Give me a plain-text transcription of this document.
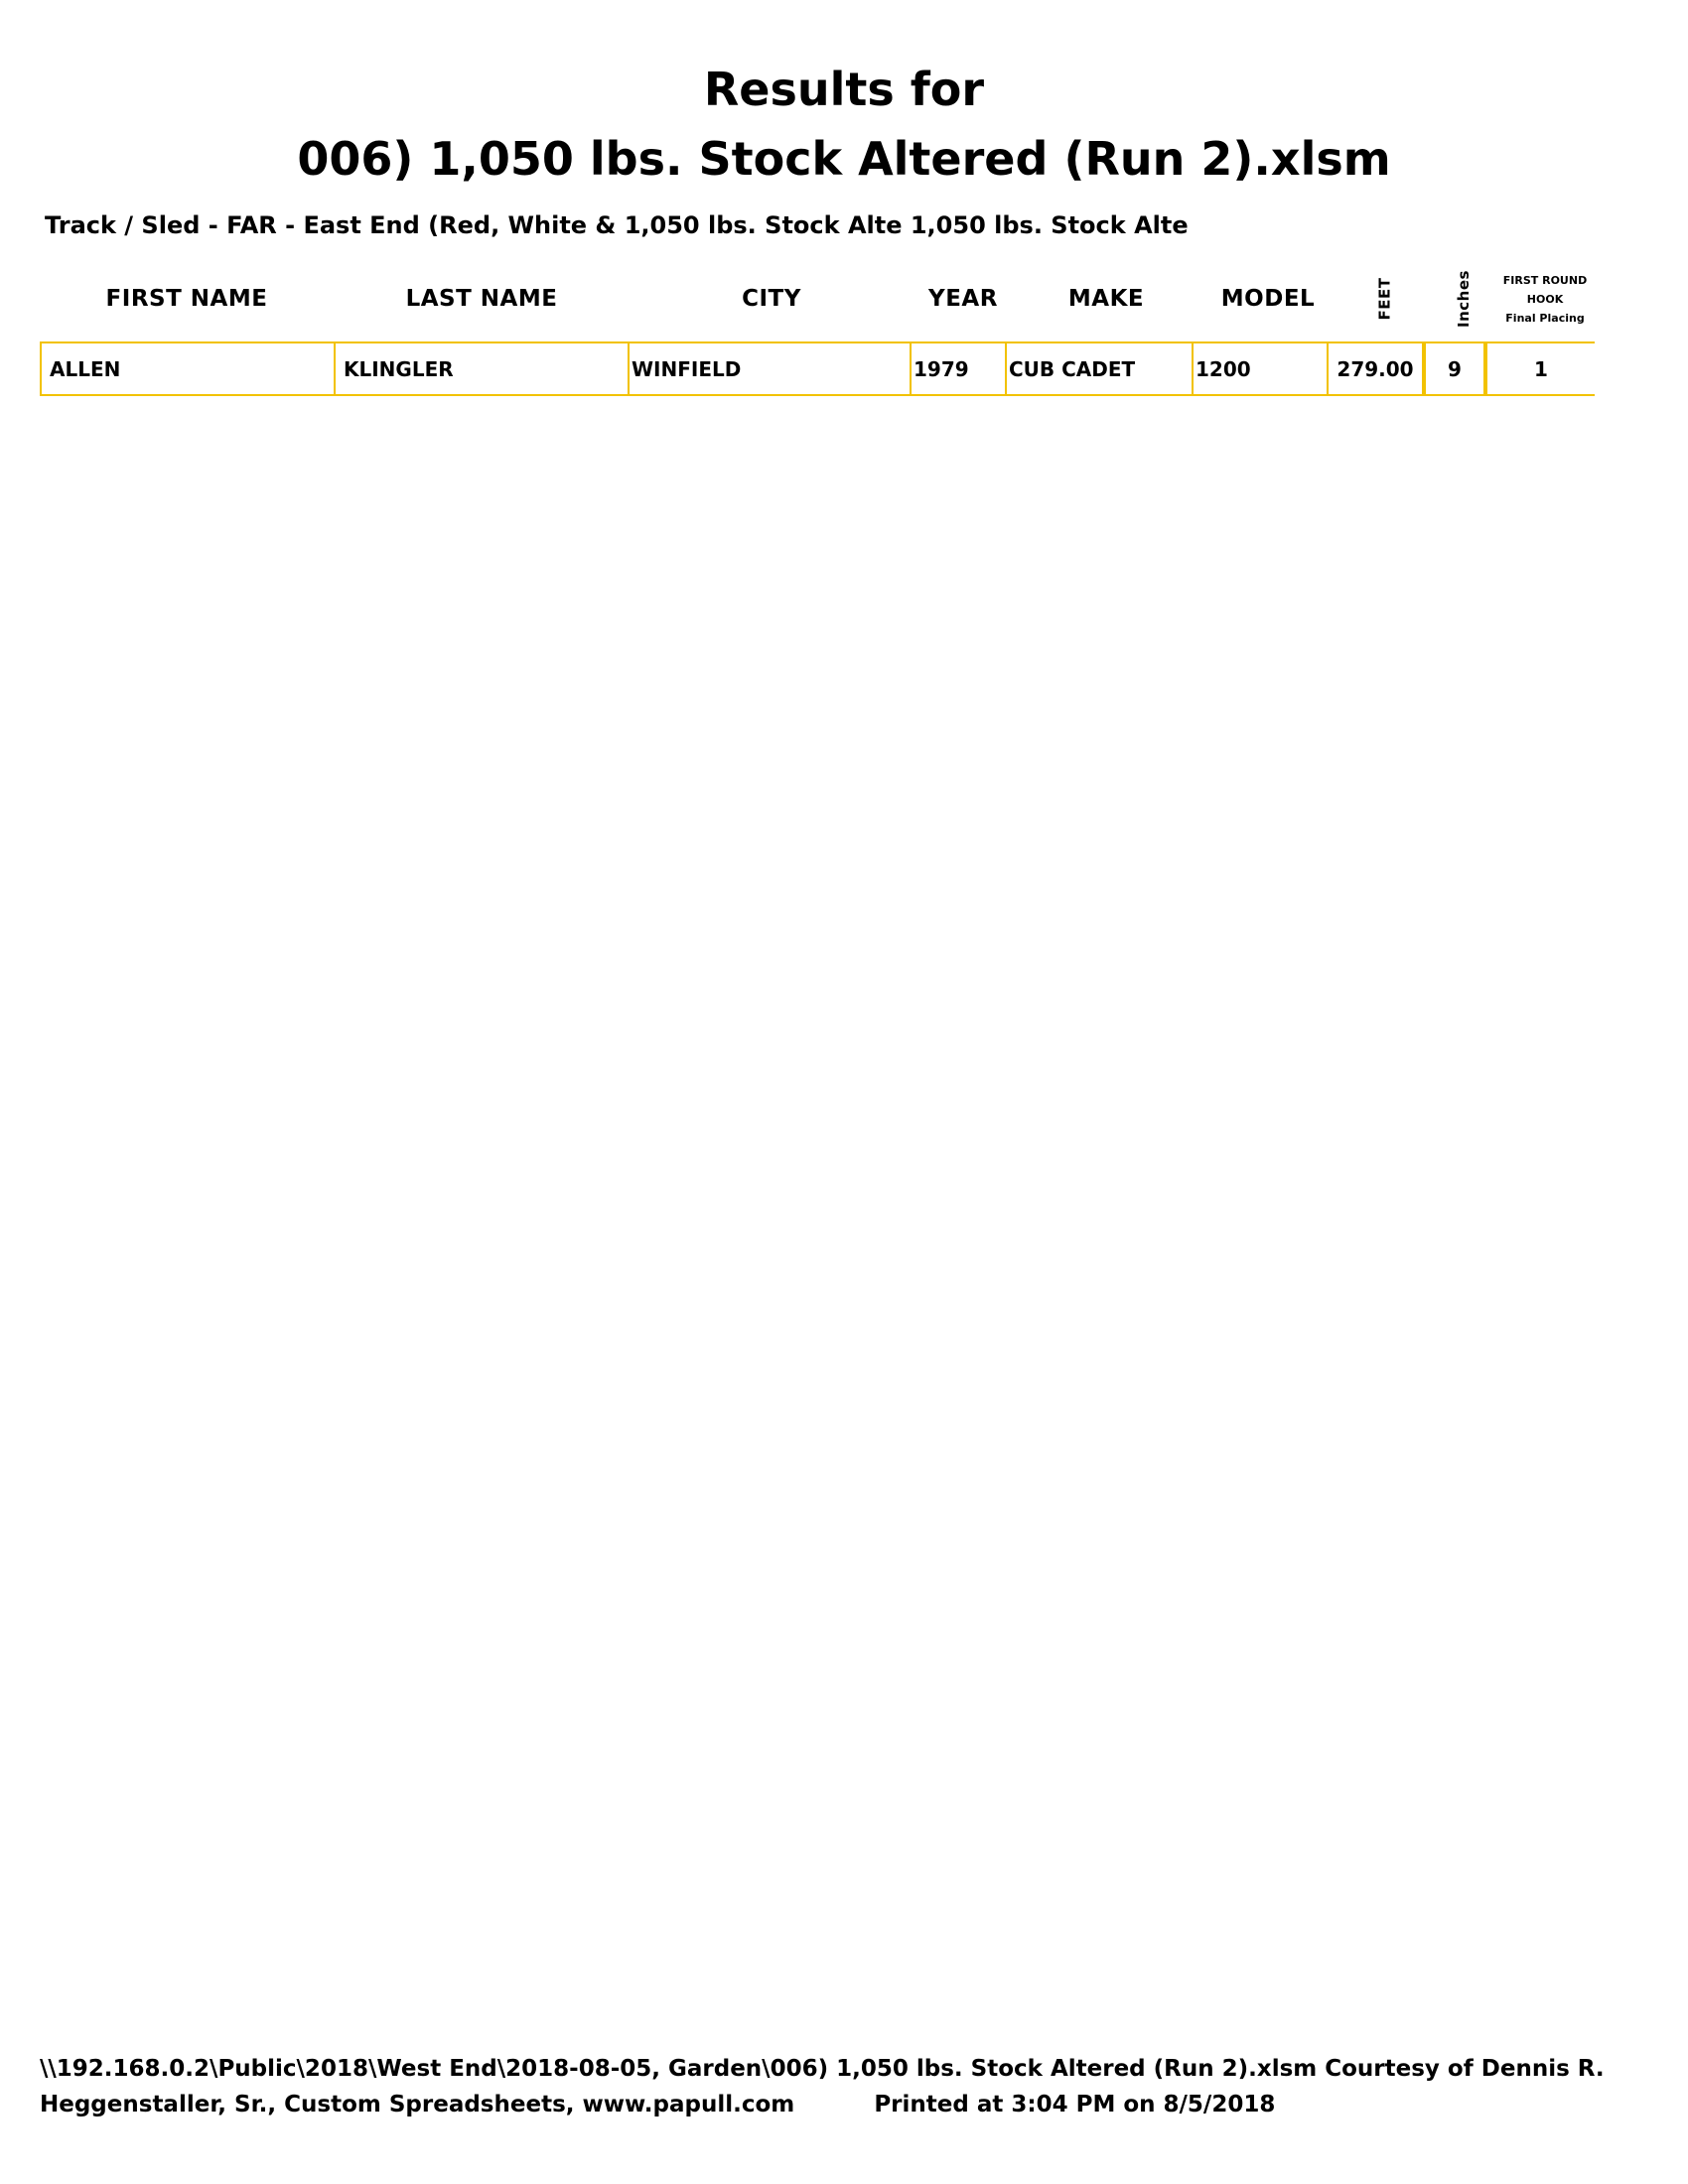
Results for
006) 1,050 lbs. Stock Altered (Run 2).xlsm
Track / Sled - FAR - East End (Red, White & 1,050 lbs. Stock Alte 1,050 lbs. Stock Alte
FIRST NAME	LAST NAME	CITY	YEAR	MAKE	MODEL	FEET	Inches	FIRST ROUND
HOOK
Final Placing
ALLEN	KLINGLER	WINFIELD	1979	CUB CADET	1200	279.00	9	1
\\192.168.0.2\Public\2018\West End\2018-08-05, Garden\006) 1,050 lbs. Stock Altered (Run 2).xlsm Courtesy of Dennis R.
Heggenstaller, Sr., Custom Spreadsheets, www.papull.com	Printed at 3:04 PM on 8/5/2018
